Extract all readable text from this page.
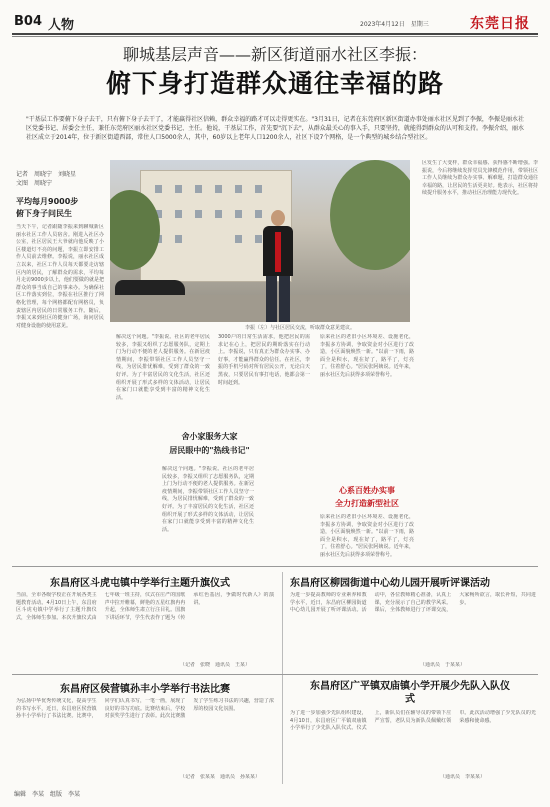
B04 人物	2023年4月12日　星期三	东莞日报
聊城基层声音——新区街道丽水社区李振：
俯下身打造群众通往幸福的路
"干基层工作要俯下身子去干，只有俯下身子去干了，才能赢得社区信赖，群众幸福的路才可以走得更实在。"3月31日，记者在东莞府区新区街道办事处丽水社区见到了李振，李振是丽水社区党委书记、居委会主任，兼任东莞府区丽水社区党委书记、主任。他说，干基层工作，首先要"沉下去"，从群众最关心的事入手，只要坚持，就能得到群众的认可和支持。李振介绍，丽水社区成立于2014年，位于新区街道西部，常住人口5000余人，其中，60岁以上老年人口1200余人，社区下设7个网格，是一个典型的城乡结合型社区。
记者　周晓宁　刘晓星
文图　周晓宁
平均每月9000步
俯下身子问民生
当天下午，记者跟随李振来到聊城新区丽水社区工作人员宿舍。刚进入社区办公室，社区居民王大爷就向他反映了小区楼道灯不亮的问题，李振立即安排工作人员前去维修。李振说，丽水社区成立以来，社区工作人员每天都要走访辖区内的居民，了解群众的需求，平均每月走访9000步以上，他们要做的就是把群众的事当成自己的事来办。为确保社区工作落实到位，李振在社区推行了网格化管理，每个网格都配有网格员，负责辖区内居民的日常服务工作。随后，李振又来到社区的健身广场，询问居民对健身设施的使用意见。	李振（左）与社区居民交流，听取群众意见建议。
解决这个问题。"李振说。社区的老年居民较多，李振又组织了志愿服务队，定期上门为行动不便的老人提供服务。在新冠疫情期间，李振带领社区工作人员坚守一线，为居民排忧解难，受到了群众的一致好评。为了丰富居民的文化生活，社区还组织开展了形式多样的文体活动，让居民在家门口就能享受到丰富的精神文化生活。
舍小家服务大家
居民眼中的"热线书记"
解决这个问题。"李振说。社区的老年居民较多，李振又组织了志愿服务队，定期上门为行动不便的老人提供服务。在新冠疫情期间，李振带领社区工作人员坚守一线，为居民排忧解难，受到了群众的一致好评。为了丰富居民的文化生活，社区还组织开展了形式多样的文体活动，让居民在家门口就能享受到丰富的精神文化生活。
3000户的日常生活需求，他把居民的需求记在心上，把居民的期盼落实在行动上。李振说，只有真正为群众办实事、办好事，才能赢得群众的信任。在社区，李振的手机号码对所有居民公开，无论白天黑夜，只要居民有事打电话，他都会第一时间赶到。
原来社区的老旧小区环境差、设施老化，李振多方协调，争取资金对小区进行了改造，小区面貌焕然一新。"以前一下雨，路面全是积水，现在好了，路平了，灯亮了，住着舒心。"居民张阿姨说。近年来，丽水社区先后获得多项荣誉称号。
心系百姓办实事
全力打造新型社区
原来社区的老旧小区环境差、设施老化，李振多方协调，争取资金对小区进行了改造，小区面貌焕然一新。"以前一下雨，路面全是积水，现在好了，路平了，灯亮了，住着舒心。"居民张阿姨说。近年来，丽水社区先后获得多项荣誉称号。
区发生了大变样，群众幸福感、获得感不断增强。李振说，今后将继续发挥党员先锋模范作用，带领社区工作人员继续为群众办实事、解难题，打造群众通往幸福的路，让居民的生活更美好。他表示，社区将持续提升服务水平，推动社区治理能力现代化。
东昌府区斗虎屯镇中学举行主题升旗仪式
当前，全市各级学校正在开展各类主题教育活动。4月10日上午，东昌府区斗虎屯镇中学举行了主题升旗仪式，全体师生参加。本次升旗仪式由七年级一班主持，仪式在庄严的国歌声中拉开帷幕，鲜艳的五星红旗冉冉升起，全体师生肃立行注目礼。国旗下讲话环节，学生代表作了题为《传承红色基因，争做时代新人》的演讲。
（记者　张晓　通讯员　王某）
东昌府区柳园街道中心幼儿园开展听评课活动
为进一步提高教师的专业素养和教学水平，近日，东昌府区柳园街道中心幼儿园开展了听评课活动。活动中，各位教师精心准备，认真上课，充分展示了自己的教学风采。课后，全体教师进行了评课交流，大家畅所欲言，取长补短，共同进步。
（通讯员　于某某）
东昌府区侯营镇孙丰小学举行书法比赛
为弘扬中华优秀传统文化，提高学生的书写水平，近日，东昌府区侯营镇孙丰小学举行了书法比赛。比赛中，同学们认真书写，一笔一画，展现了良好的书写功底。比赛结束后，学校对获奖学生进行了表彰。此次比赛激发了学生练习书法的兴趣，营造了浓厚的校园文化氛围。
（记者　张某某　通讯员　孙某某）
东昌府区广平镇双庙镇小学开展少先队入队仪式
为了进一步加强少先队组织建设，4月10日，东昌府区广平镇双庙镇小学举行了少先队入队仪式。仪式上，新队员们在辅导员的带领下庄严宣誓，老队员为新队员佩戴红领巾。此次活动增强了少先队员的光荣感和使命感。
（通讯员　李某某）
编辑　李某　组版　李某
